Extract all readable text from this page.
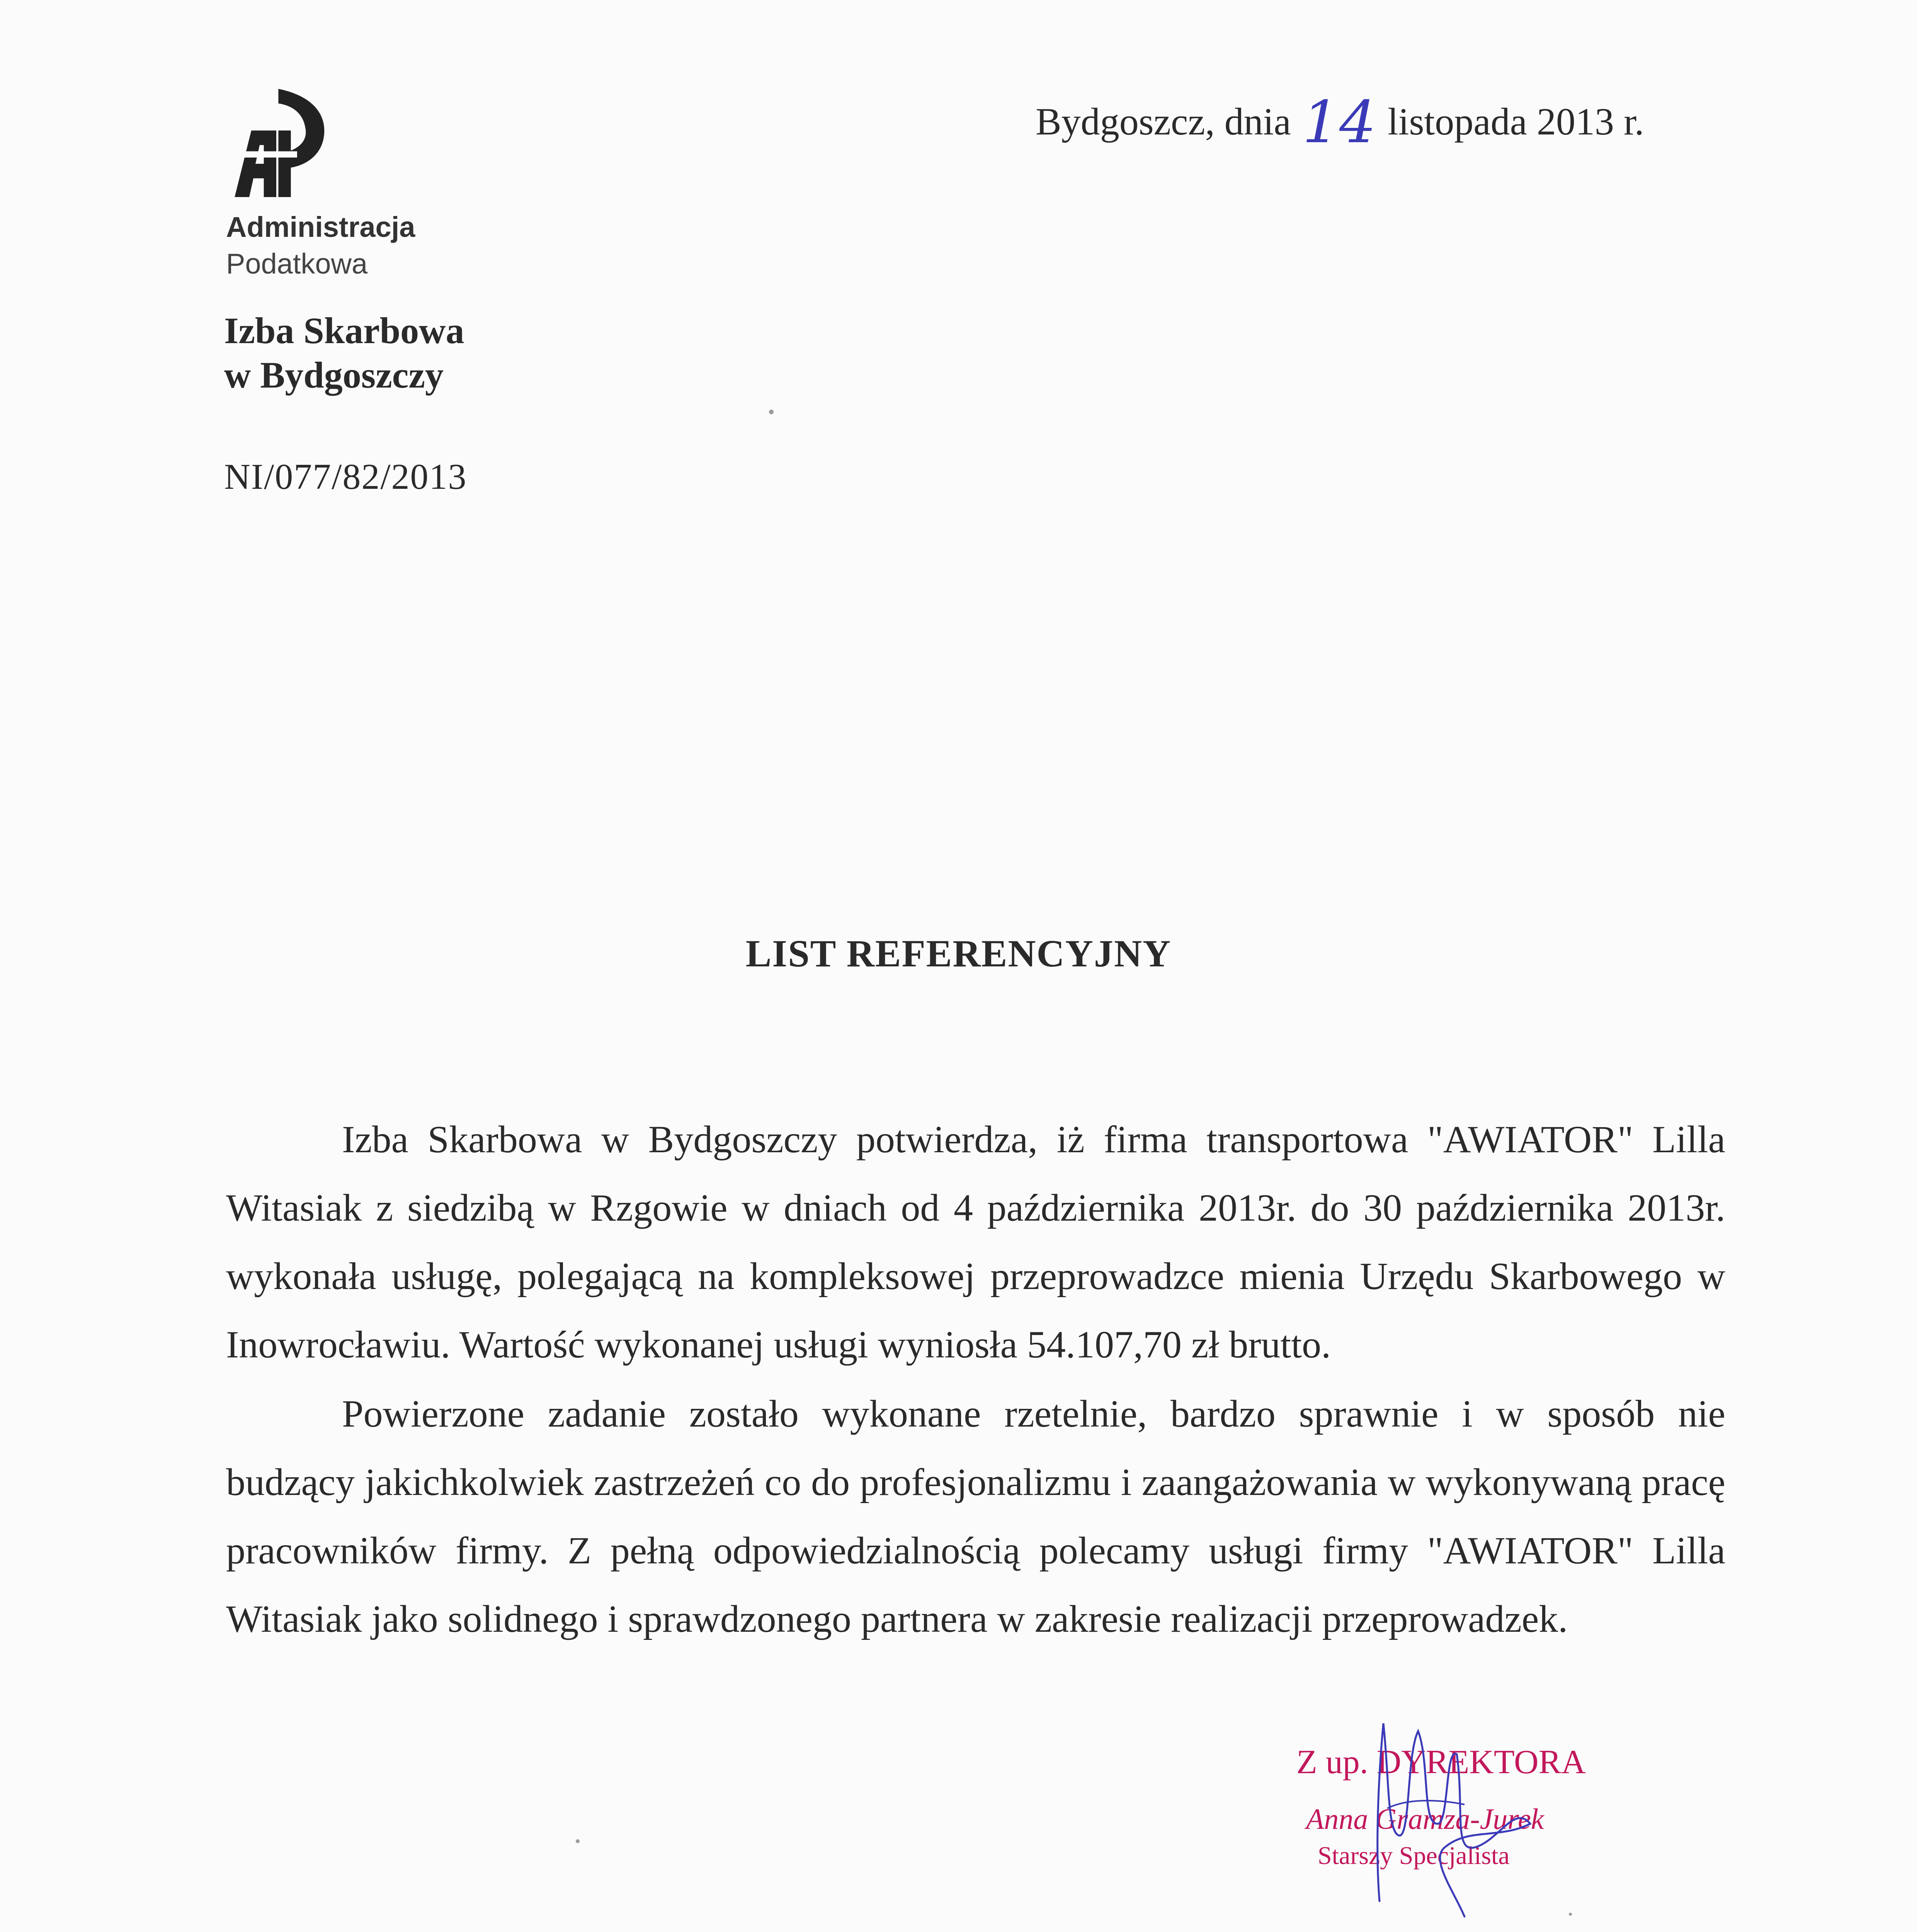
Administracja
Podatkowa
Izba Skarbowa
w Bydgoszczy
NI/077/82/2013
Bydgoszcz, dnia 14 listopada 2013 r.
LIST REFERENCYJNY
Izba Skarbowa w Bydgoszczy potwierdza, iż firma transportowa "AWIATOR" Lilla Witasiak z siedzibą w Rzgowie w dniach od 4 października 2013r. do 30 października 2013r. wykonała usługę, polegającą na kompleksowej przeprowadzce mienia Urzędu Skarbowego w Inowrocławiu. Wartość wykonanej usługi wyniosła 54.107,70 zł brutto.
Powierzone zadanie zostało wykonane rzetelnie, bardzo sprawnie i w sposób nie budzący jakichkolwiek zastrzeżeń co do profesjonalizmu i zaangażowania w wykonywaną pracę pracowników firmy. Z pełną odpowiedzialnością polecamy usługi firmy "AWIATOR" Lilla Witasiak jako solidnego i sprawdzonego partnera w zakresie realizacji przeprowadzek.
Z up. DYREKTORA
Anna Gramza-Jurek
Starszy Specjalista
